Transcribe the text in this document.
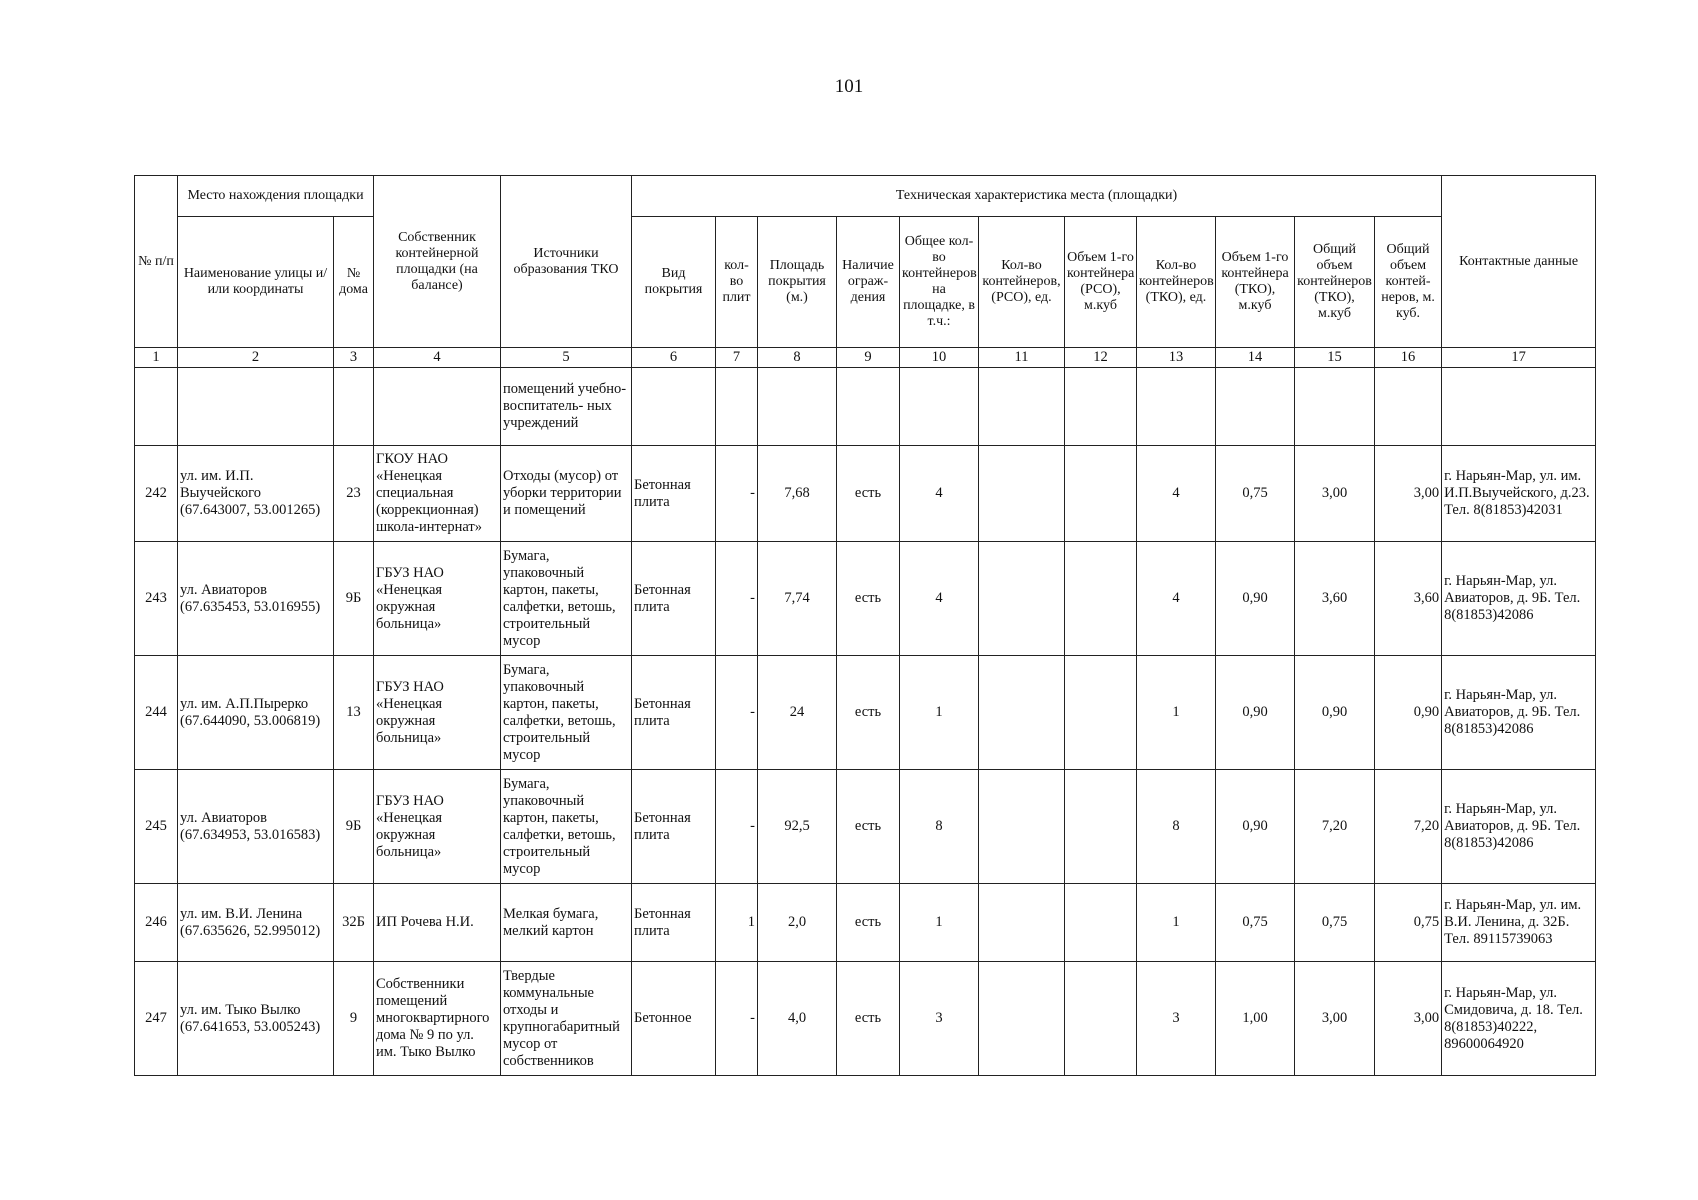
101
№ п/п	Место нахождения площадки		Собственник контейнерной площадки (на балансе)	Источники образования ТКО	Техническая характеристика места (площадки)											Контактные данные
	Наименование улицы и/или координаты	№ дома			Вид покрытия	кол-во плит	Площадь покрытия (м.)	Наличие ограж-дения	Общее кол-во контейнеров на площадке, в т.ч.:	Кол-во контейнеров, (РСО), ед.	Объем 1-го контейнера (РСО), м.куб	Кол-во контейнеров (ТКО), ед.	Объем 1-го контейнера (ТКО), м.куб	Общий объем контейнеров (ТКО), м.куб	Общий объем контей-неров, м. куб.	
1	2	3	4	5	6	7	8	9	10	11	12	13	14	15	16	17
				помещений учебно-воспитатель- ных учреждений												
242	ул. им. И.П. Выучейского (67.643007, 53.001265)	23	ГКОУ НАО «Ненецкая специальная (коррекционная) школа-интернат»	Отходы (мусор) от уборки территории и помещений	Бетонная плита	-	7,68	есть	4			4	0,75	3,00	3,00	г. Нарьян-Мар, ул. им. И.П.Выучейского, д.23. Тел. 8(81853)42031
243	ул. Авиаторов (67.635453, 53.016955)	9Б	ГБУЗ НАО «Ненецкая окружная больница»	Бумага, упаковочный картон, пакеты, салфетки, ветошь, строительный мусор	Бетонная плита	-	7,74	есть	4			4	0,90	3,60	3,60	г. Нарьян-Мар, ул. Авиаторов, д. 9Б. Тел. 8(81853)42086
244	ул. им. А.П.Пырерко (67.644090, 53.006819)	13	ГБУЗ НАО «Ненецкая окружная больница»	Бумага, упаковочный картон, пакеты, салфетки, ветошь, строительный мусор	Бетонная плита	-	24	есть	1			1	0,90	0,90	0,90	г. Нарьян-Мар, ул. Авиаторов, д. 9Б. Тел. 8(81853)42086
245	ул. Авиаторов (67.634953, 53.016583)	9Б	ГБУЗ НАО «Ненецкая окружная больница»	Бумага, упаковочный картон, пакеты, салфетки, ветошь, строительный мусор	Бетонная плита	-	92,5	есть	8			8	0,90	7,20	7,20	г. Нарьян-Мар, ул. Авиаторов, д. 9Б. Тел. 8(81853)42086
246	ул. им. В.И. Ленина (67.635626, 52.995012)	32Б	ИП Рочева Н.И.	Мелкая бумага, мелкий картон	Бетонная плита	1	2,0	есть	1			1	0,75	0,75	0,75	г. Нарьян-Мар, ул. им. В.И. Ленина, д. 32Б. Тел. 89115739063
247	ул. им. Тыко Вылко (67.641653, 53.005243)	9	Собственники помещений многоквартирного дома № 9 по ул. им. Тыко Вылко	Твердые коммунальные отходы и крупногабаритный мусор от собственников	Бетонное	-	4,0	есть	3			3	1,00	3,00	3,00	г. Нарьян-Мар, ул. Смидовича, д. 18. Тел. 8(81853)40222, 89600064920
